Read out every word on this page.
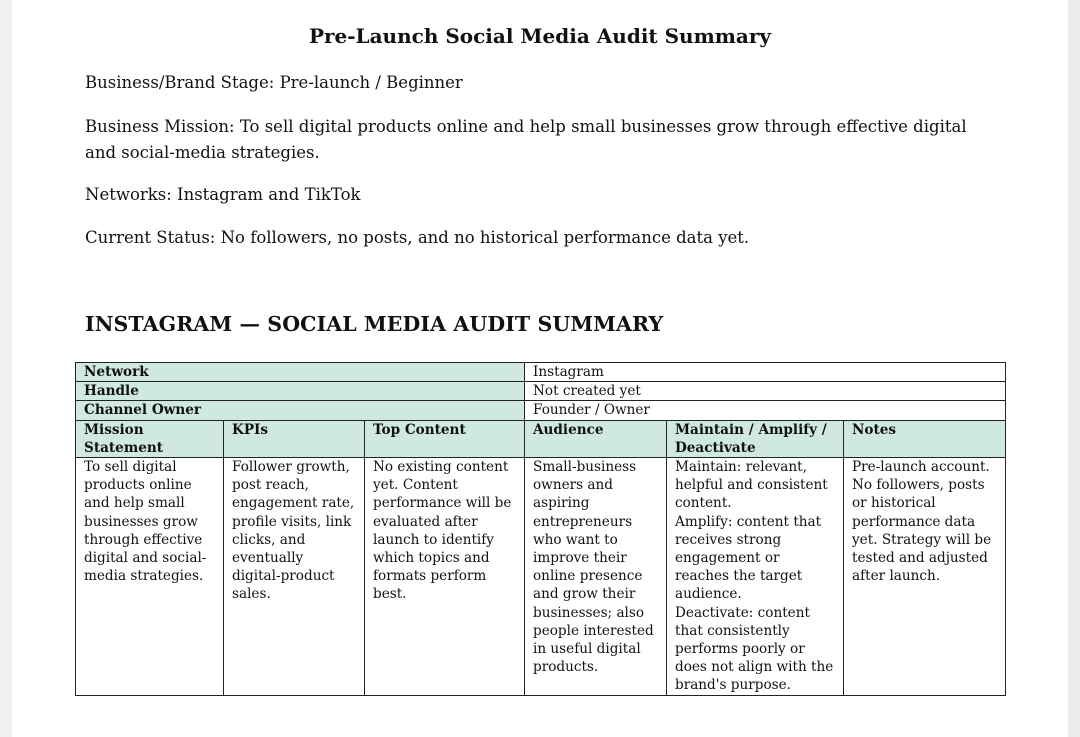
Pre-Launch Social Media Audit Summary
Business/Brand Stage: Pre-launch / Beginner
Business Mission: To sell digital products online and help small businesses grow through effective digital and social-media strategies.
Networks: Instagram and TikTok
Current Status: No followers, no posts, and no historical performance data yet.
INSTAGRAM — SOCIAL MEDIA AUDIT SUMMARY
Network			Instagram		
Handle			Not created yet		
Channel Owner			Founder / Owner		
Mission Statement	KPIs	Top Content	Audience	Maintain / Amplify / Deactivate	Notes
To sell digital products online and help small businesses grow through effective digital and social-media strategies.	Follower growth, post reach, engagement rate, profile visits, link clicks, and eventually digital-product sales.	No existing content yet. Content performance will be evaluated after launch to identify which topics and formats perform best.	Small-business owners and aspiring entrepreneurs who want to improve their online presence and grow their businesses; also people interested in useful digital products.	Maintain: relevant, helpful and consistent content.
Amplify: content that receives strong engagement or reaches the target audience.
Deactivate: content that consistently performs poorly or does not align with the brand's purpose.	Pre-launch account. No followers, posts or historical performance data yet. Strategy will be tested and adjusted after launch.
